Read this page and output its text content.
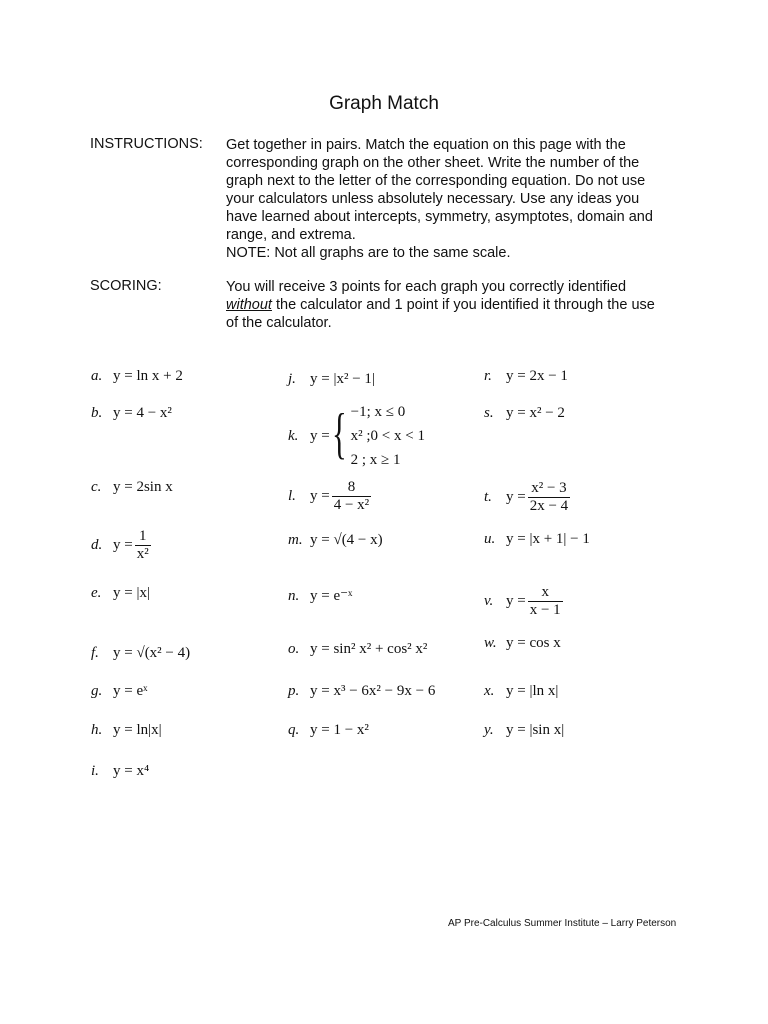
Graph Match
INSTRUCTIONS: Get together in pairs. Match the equation on this page with the
corresponding graph on the other sheet. Write the number of the
graph next to the letter of the corresponding equation. Do not use
your calculators unless absolutely necessary. Use any ideas you
have learned about intercepts, symmetry, asymptotes, domain and
range, and extrema.
NOTE: Not all graphs are to the same scale.
SCORING:	You will receive 3 points for each graph you correctly identified
without the calculator and 1 point if you identified it through the use
of the calculator.
a. y = ln x + 2
b. y = 4 − x²
c. y = 2sin x
d. $y = \frac{1}{\text{x²}}$
e. y = |x|
f. y = √(x² − 4)
g. y = eˣ
h. y = ln|x|
i. y = x⁴
j. y = |x² − 1|
k. y = { −1; x ≤ 0
x² ;0 < x < 1
2 ; x ≥ 1
l. $y = \frac{8}{\text{4 − x²}}$
m. y = √(4 − x)
n. y = e⁻ˣ
o. y = sin² x² + cos² x²
p. y = x³ − 6x² − 9x − 6
q. y = 1 − x²
r. y = 2x − 1
s. y = x² − 2
t. $y = \frac{\text{x² − 3}}{2x - 4}$
u. y = |x + 1| − 1
v. $y = \frac{x}{x - 1}$
w. y = cos x
x. y = |ln x|
y. y = |sin x|
AP Pre-Calculus Summer Institute – Larry Peterson
